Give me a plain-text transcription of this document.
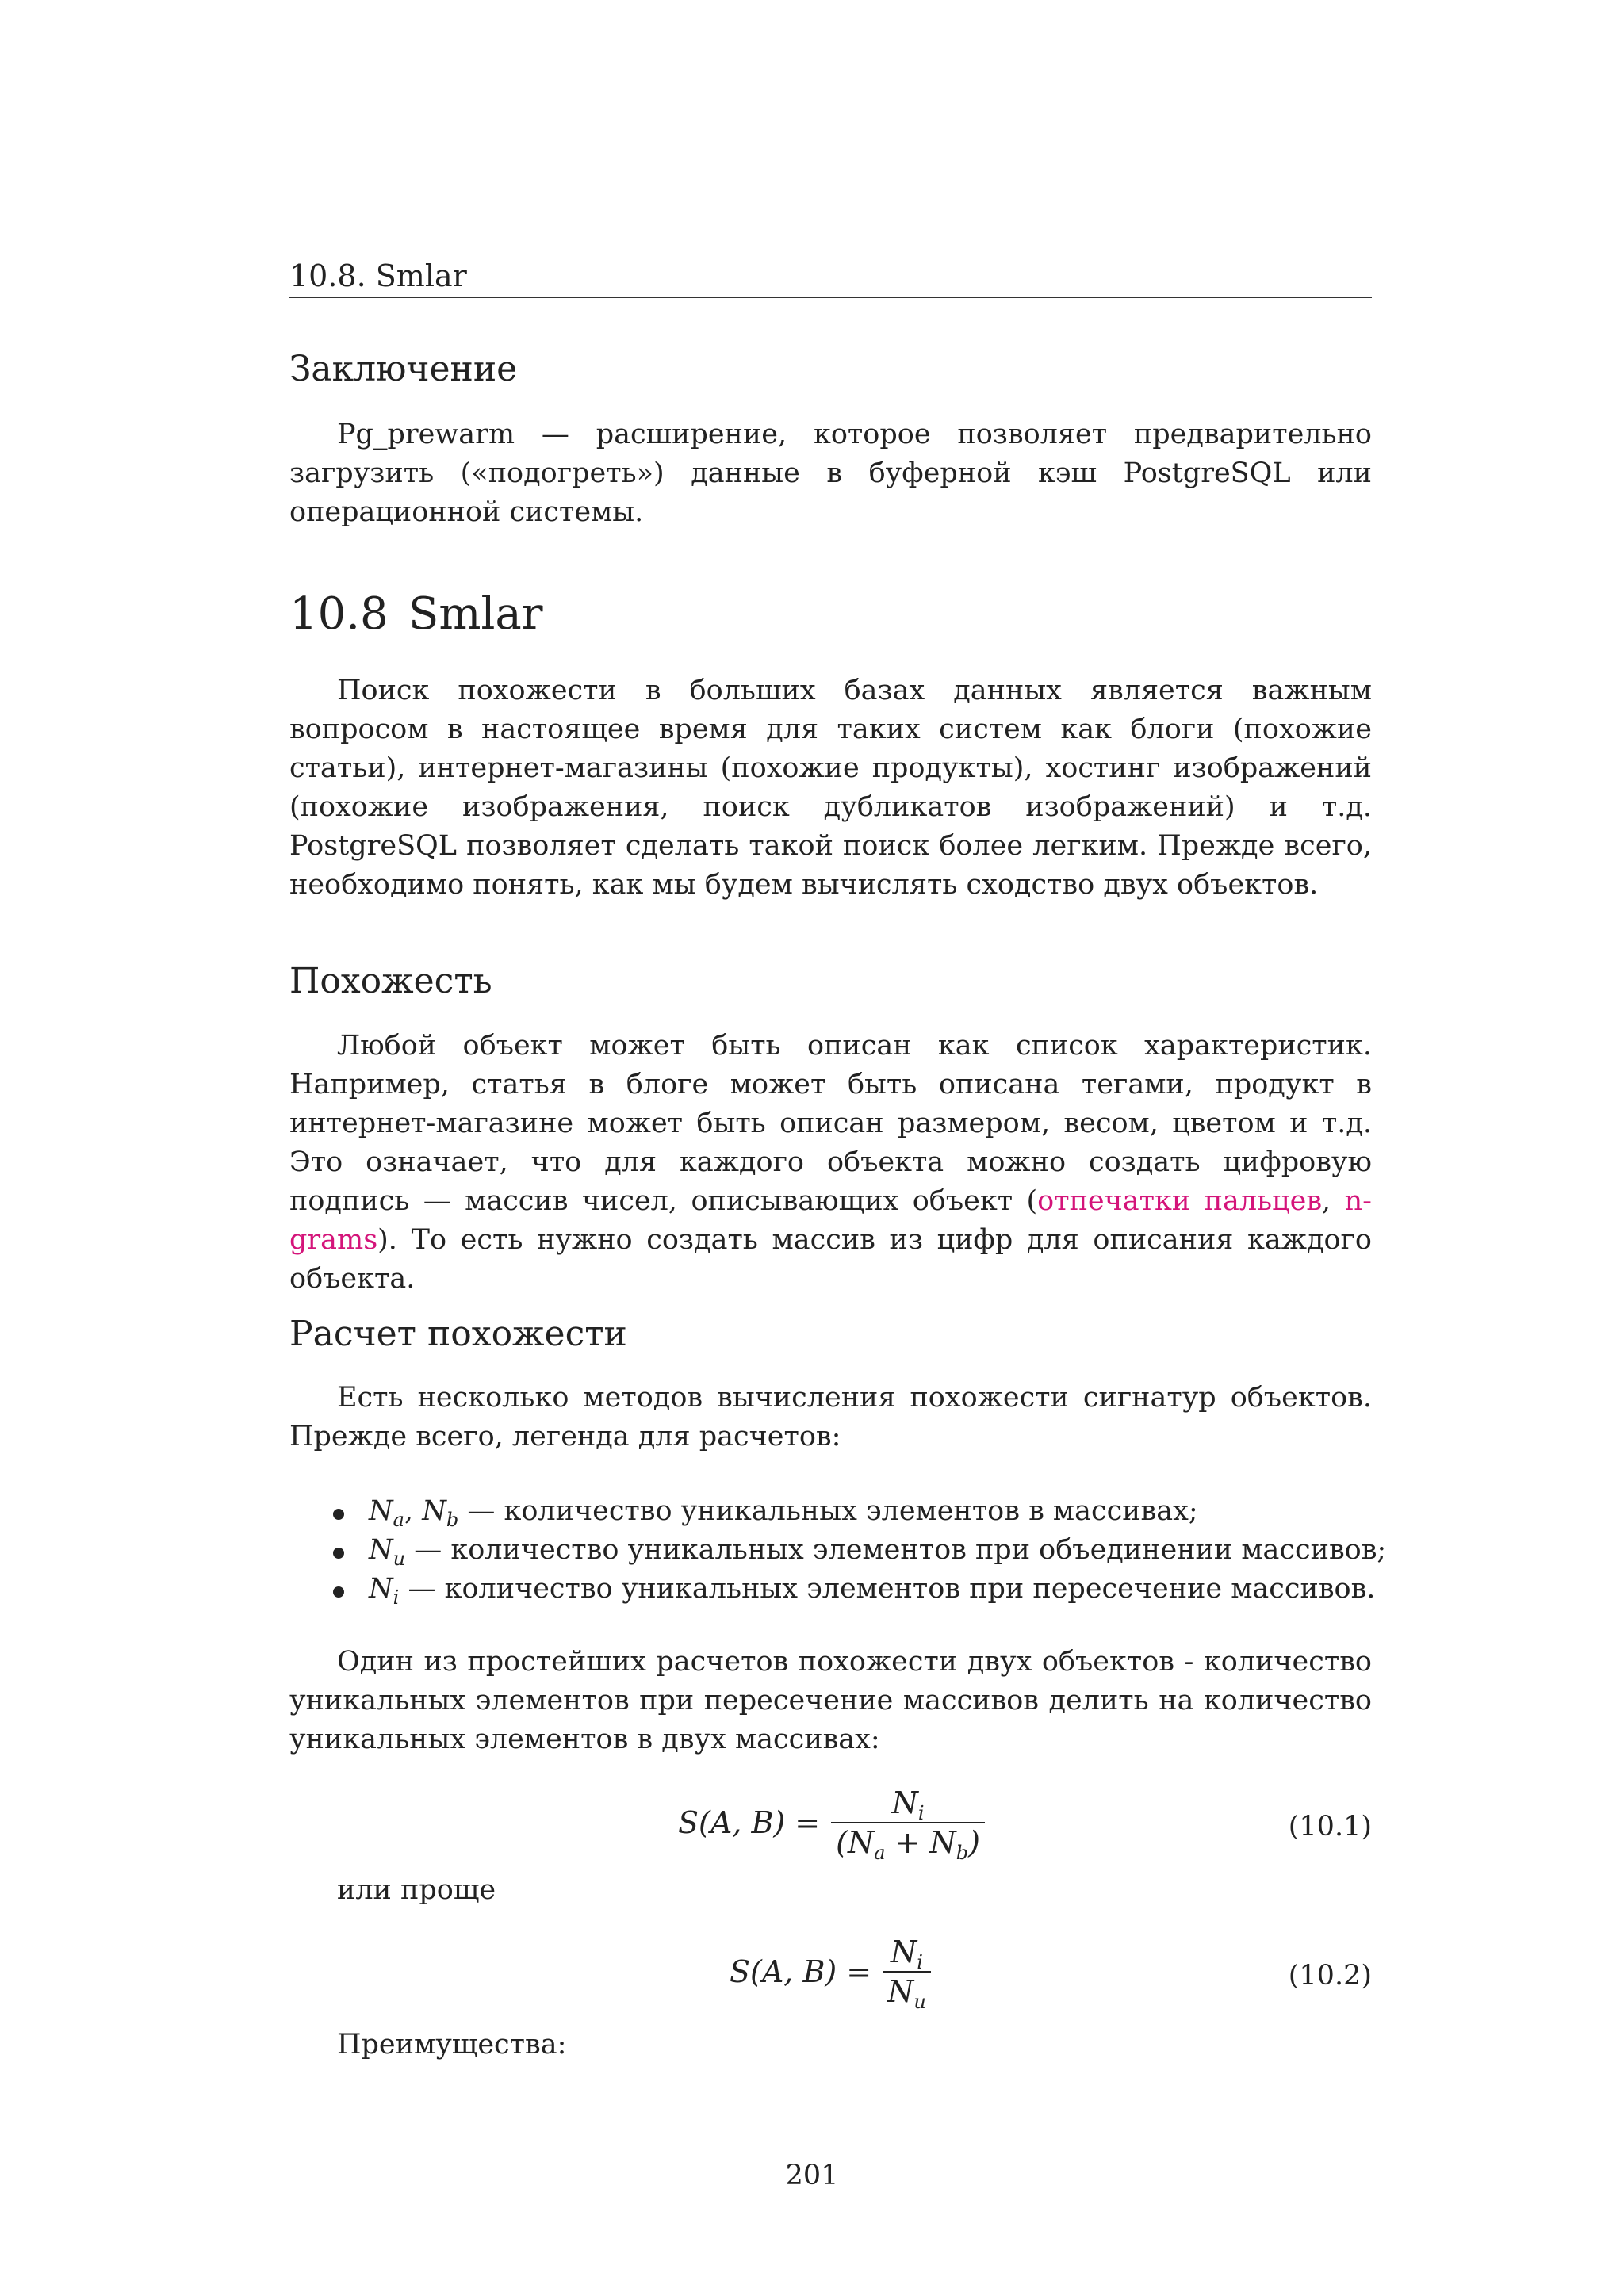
10.8. Smlar
Заключение

Pg_prewarm — расширение, которое позволяет предварительно загрузить («подогреть») данные в буферной кэш PostgreSQL или операционной системы.

10.8 Smlar

Поиск похожести в больших базах данных является важным вопросом в настоящее время для таких систем как блоги (похожие статьи), интернет-магазины (похожие продукты), хостинг изображений (похожие изображения, поиск дубликатов изображений) и т.д. PostgreSQL позволяет сделать такой поиск более легким. Прежде всего, необходимо понять, как мы будем вычислять сходство двух объектов.

Похожесть

Любой объект может быть описан как список характеристик. Например, статья в блоге может быть описана тегами, продукт в интернет-магазине может быть описан размером, весом, цветом и т.д. Это означает, что для каждого объекта можно создать цифровую подпись — массив чисел, описывающих объект (отпечатки пальцев, n-grams). То есть нужно создать массив из цифр для описания каждого объекта.

Расчет похожести

Есть несколько методов вычисления похожести сигнатур объектов. Прежде всего, легенда для расчетов:

$N_a$, $N_b$ — количество уникальных элементов в массивах;
$N_u$ — количество уникальных элементов при объединении массивов;
$N_i$ — количество уникальных элементов при пересечение массивов.

Один из простейших расчетов похожести двух объектов - количество уникальных элементов при пересечение массивов делить на количество уникальных элементов в двух массивах:

S(A, $B) = \frac{N_i}{(N_a + N_b)}$	(10.1)
или проще
S(A, $B) = \frac{N_i}{N_u}$	(10.2)
Преимущества:
201
